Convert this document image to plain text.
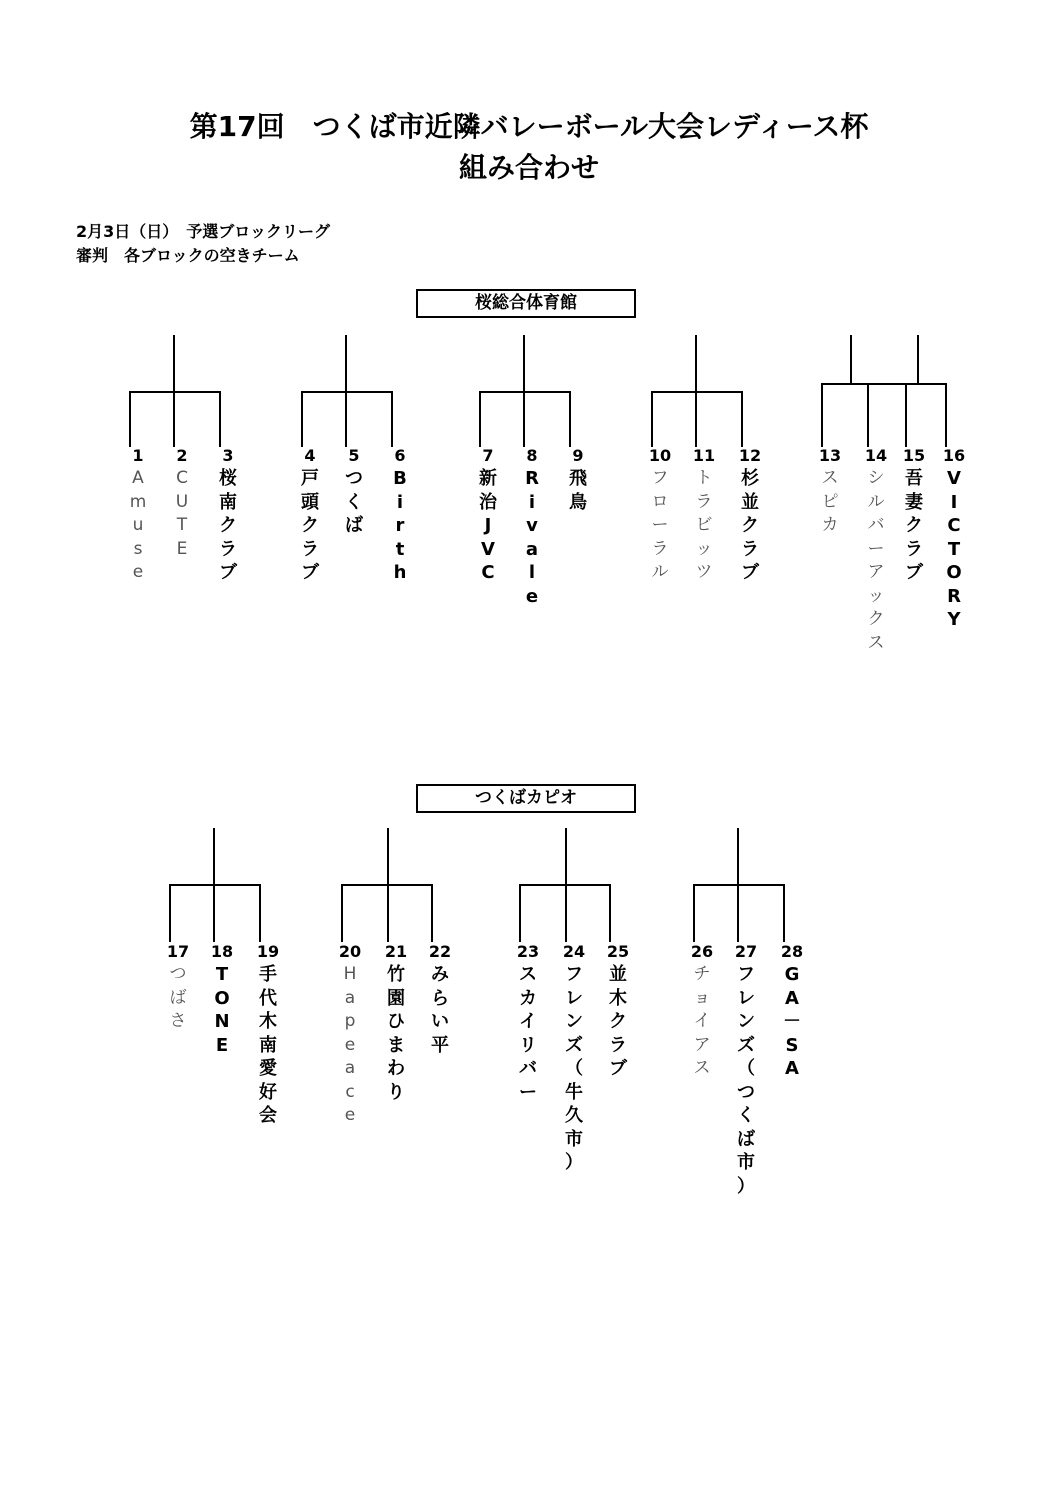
第17回　つくば市近隣バレーボール大会レディース杯
組み合わせ
2月3日（日）　予選ブロックリーグ
審判　各ブロックの空きチーム
桜総合体育館
つくばカピオ
1
A
m
u
s
e
2
C
U
T
E
3
桜
南
ク
ラ
ブ
4
戸
頭
ク
ラ
ブ
5
つ
く
ば
6
B
i
r
t
h
7
新
治
J
V
C
8
R
i
v
a
l
e
9
飛
鳥
10
フ
ロ
ー
ラ
ル
11
ト
ラ
ビ
ッ
ツ
12
杉
並
ク
ラ
ブ
13
ス
ピ
カ
14
シ
ル
バ
ー
ア
ッ
ク
ス
15
吾
妻
ク
ラ
ブ
16
V
I
C
T
O
R
Y
17
つ
ば
さ
18
T
O
N
E
19
手
代
木
南
愛
好
会
20
H
a
p
e
a
c
e
21
竹
園
ひ
ま
わ
り
22
み
ら
い
平
23
ス
カ
イ
リ
バ
ー
24
フ
レ
ン
ズ
（
牛
久
市
）
25
並
木
ク
ラ
ブ
26
チ
ョ
イ
ア
ス
27
フ
レ
ン
ズ
（
つ
く
ば
市
）
28
G
A
－
S
A
